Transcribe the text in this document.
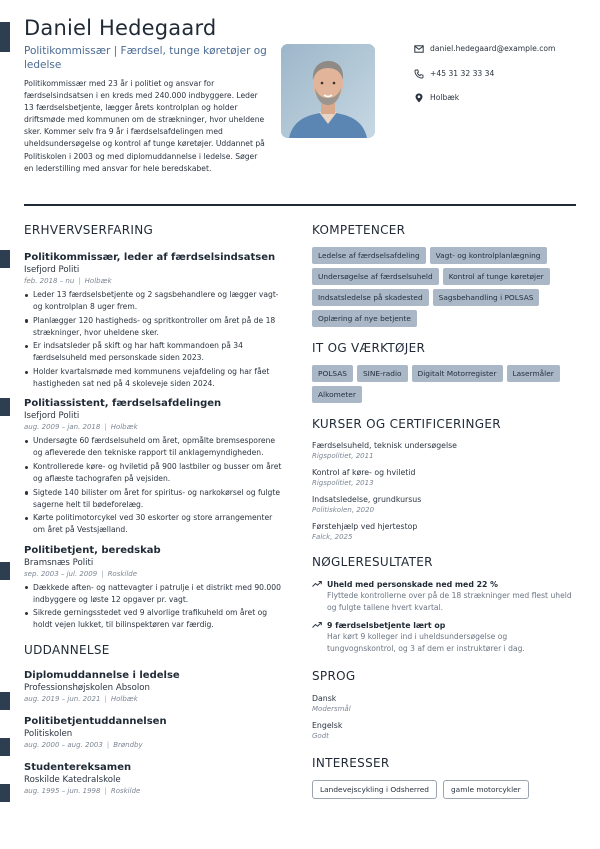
Daniel Hedegaard
Politikommissær | Færdsel, tunge køretøjer og ledelse
Politikommissær med 23 år i politiet og ansvar for færdselsindsatsen i en kreds med 240.000 indbyggere. Leder 13 færdselsbetjente, lægger årets kontrolplan og holder driftsmøde med kommunen om de strækninger, hvor uheldene sker. Kommer selv fra 9 år i færdselsafdelingen med uheldsundersøgelse og kontrol af tunge køretøjer. Uddannet på Politiskolen i 2003 og med diplomuddannelse i ledelse. Søger en lederstilling med ansvar for hele beredskabet.
daniel.hedegaard@example.com
+45 31 32 33 34
Holbæk
ERHVERVSERFARING
Politikommissær, leder af færdselsindsatsen
Isefjord Politi
feb. 2018 – nu | Holbæk
Leder 13 færdselsbetjente og 2 sagsbehandlere og lægger vagt- og kontrolplan 8 uger frem.
Planlægger 120 hastigheds- og spritkontroller om året på de 18 strækninger, hvor uheldene sker.
Er indsatsleder på skift og har haft kommandoen på 34 færdselsuheld med personskade siden 2023.
Holder kvartalsmøde med kommunens vejafdeling og har fået hastigheden sat ned på 4 skoleveje siden 2024.
Politiassistent, færdselsafdelingen
Isefjord Politi
aug. 2009 – jan. 2018 | Holbæk
Undersøgte 60 færdselsuheld om året, opmålte bremsesporene og afleverede den tekniske rapport til anklagemyndigheden.
Kontrollerede køre- og hviletid på 900 lastbiler og busser om året og aflæste tachografen på vejsiden.
Sigtede 140 bilister om året for spiritus- og narkokørsel og fulgte sagerne helt til bødeforelæg.
Kørte politimotorcykel ved 30 eskorter og store arrangementer om året på Vestsjælland.
Politibetjent, beredskab
Bramsnæs Politi
sep. 2003 – jul. 2009 | Roskilde
Dækkede aften- og nattevagter i patrulje i et distrikt med 90.000 indbyggere og løste 12 opgaver pr. vagt.
Sikrede gerningsstedet ved 9 alvorlige trafikuheld om året og holdt vejen lukket, til bilinspektøren var færdig.
UDDANNELSE
Diplomuddannelse i ledelse
Professionshøjskolen Absolon
aug. 2019 – jun. 2021 | Holbæk
Politibetjentuddannelsen
Politiskolen
aug. 2000 – aug. 2003 | Brøndby
Studentereksamen
Roskilde Katedralskole
aug. 1995 – jun. 1998 | Roskilde
KOMPETENCER
Ledelse af færdselsafdeling	Vagt- og kontrolplanlægning
Undersøgelse af færdselsuheld	Kontrol af tunge køretøjer
Indsatsledelse på skadested	Sagsbehandling i POLSAS
Oplæring af nye betjente
IT OG VÆRKTØJER
POLSAS	SINE-radio	Digitalt Motorregister	Lasermåler
Alkometer
KURSER OG CERTIFICERINGER
Færdselsuheld, teknisk undersøgelse
Rigspolitiet, 2011
Kontrol af køre- og hviletid
Rigspolitiet, 2013
Indsatsledelse, grundkursus
Politiskolen, 2020
Førstehjælp ved hjertestop
Falck, 2025
NØGLERESULTATER
Uheld med personskade ned med 22 %
Flyttede kontrollerne over på de 18 strækninger med flest uheld og fulgte tallene hvert kvartal.
9 færdselsbetjente lært op
Har kørt 9 kolleger ind i uheldsundersøgelse og tungvognskontrol, og 3 af dem er instruktører i dag.
SPROG
Dansk
Modersmål
Engelsk
Godt
INTERESSER
Landevejscykling i Odsherred	gamle motorcykler
